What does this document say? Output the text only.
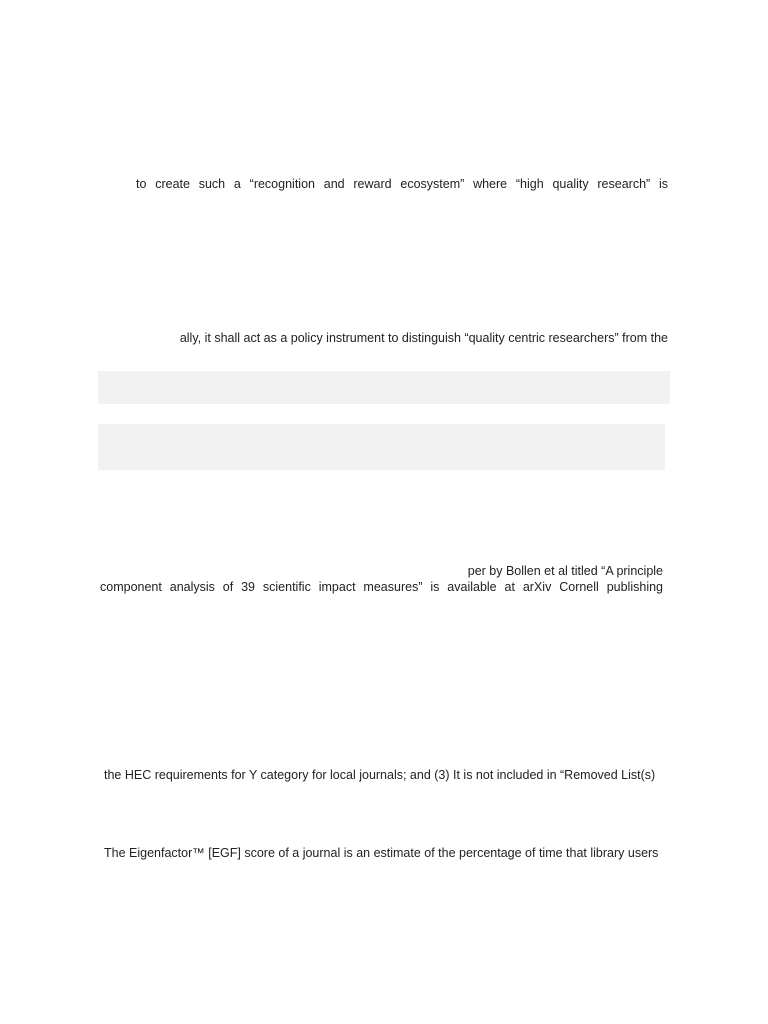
to create such a “recognition and reward ecosystem” where “high quality research” is
ally, it shall act as a policy instrument to distinguish “quality centric researchers” from the
per by Bollen et al titled “A principle
component analysis of 39 scientific impact measures” is available at arXiv Cornell publishing
the HEC requirements for Y category for local journals; and (3) It is not included in “Removed List(s)
The Eigenfactor™ [EGF] score of a journal is an estimate of the percentage of time that library users
